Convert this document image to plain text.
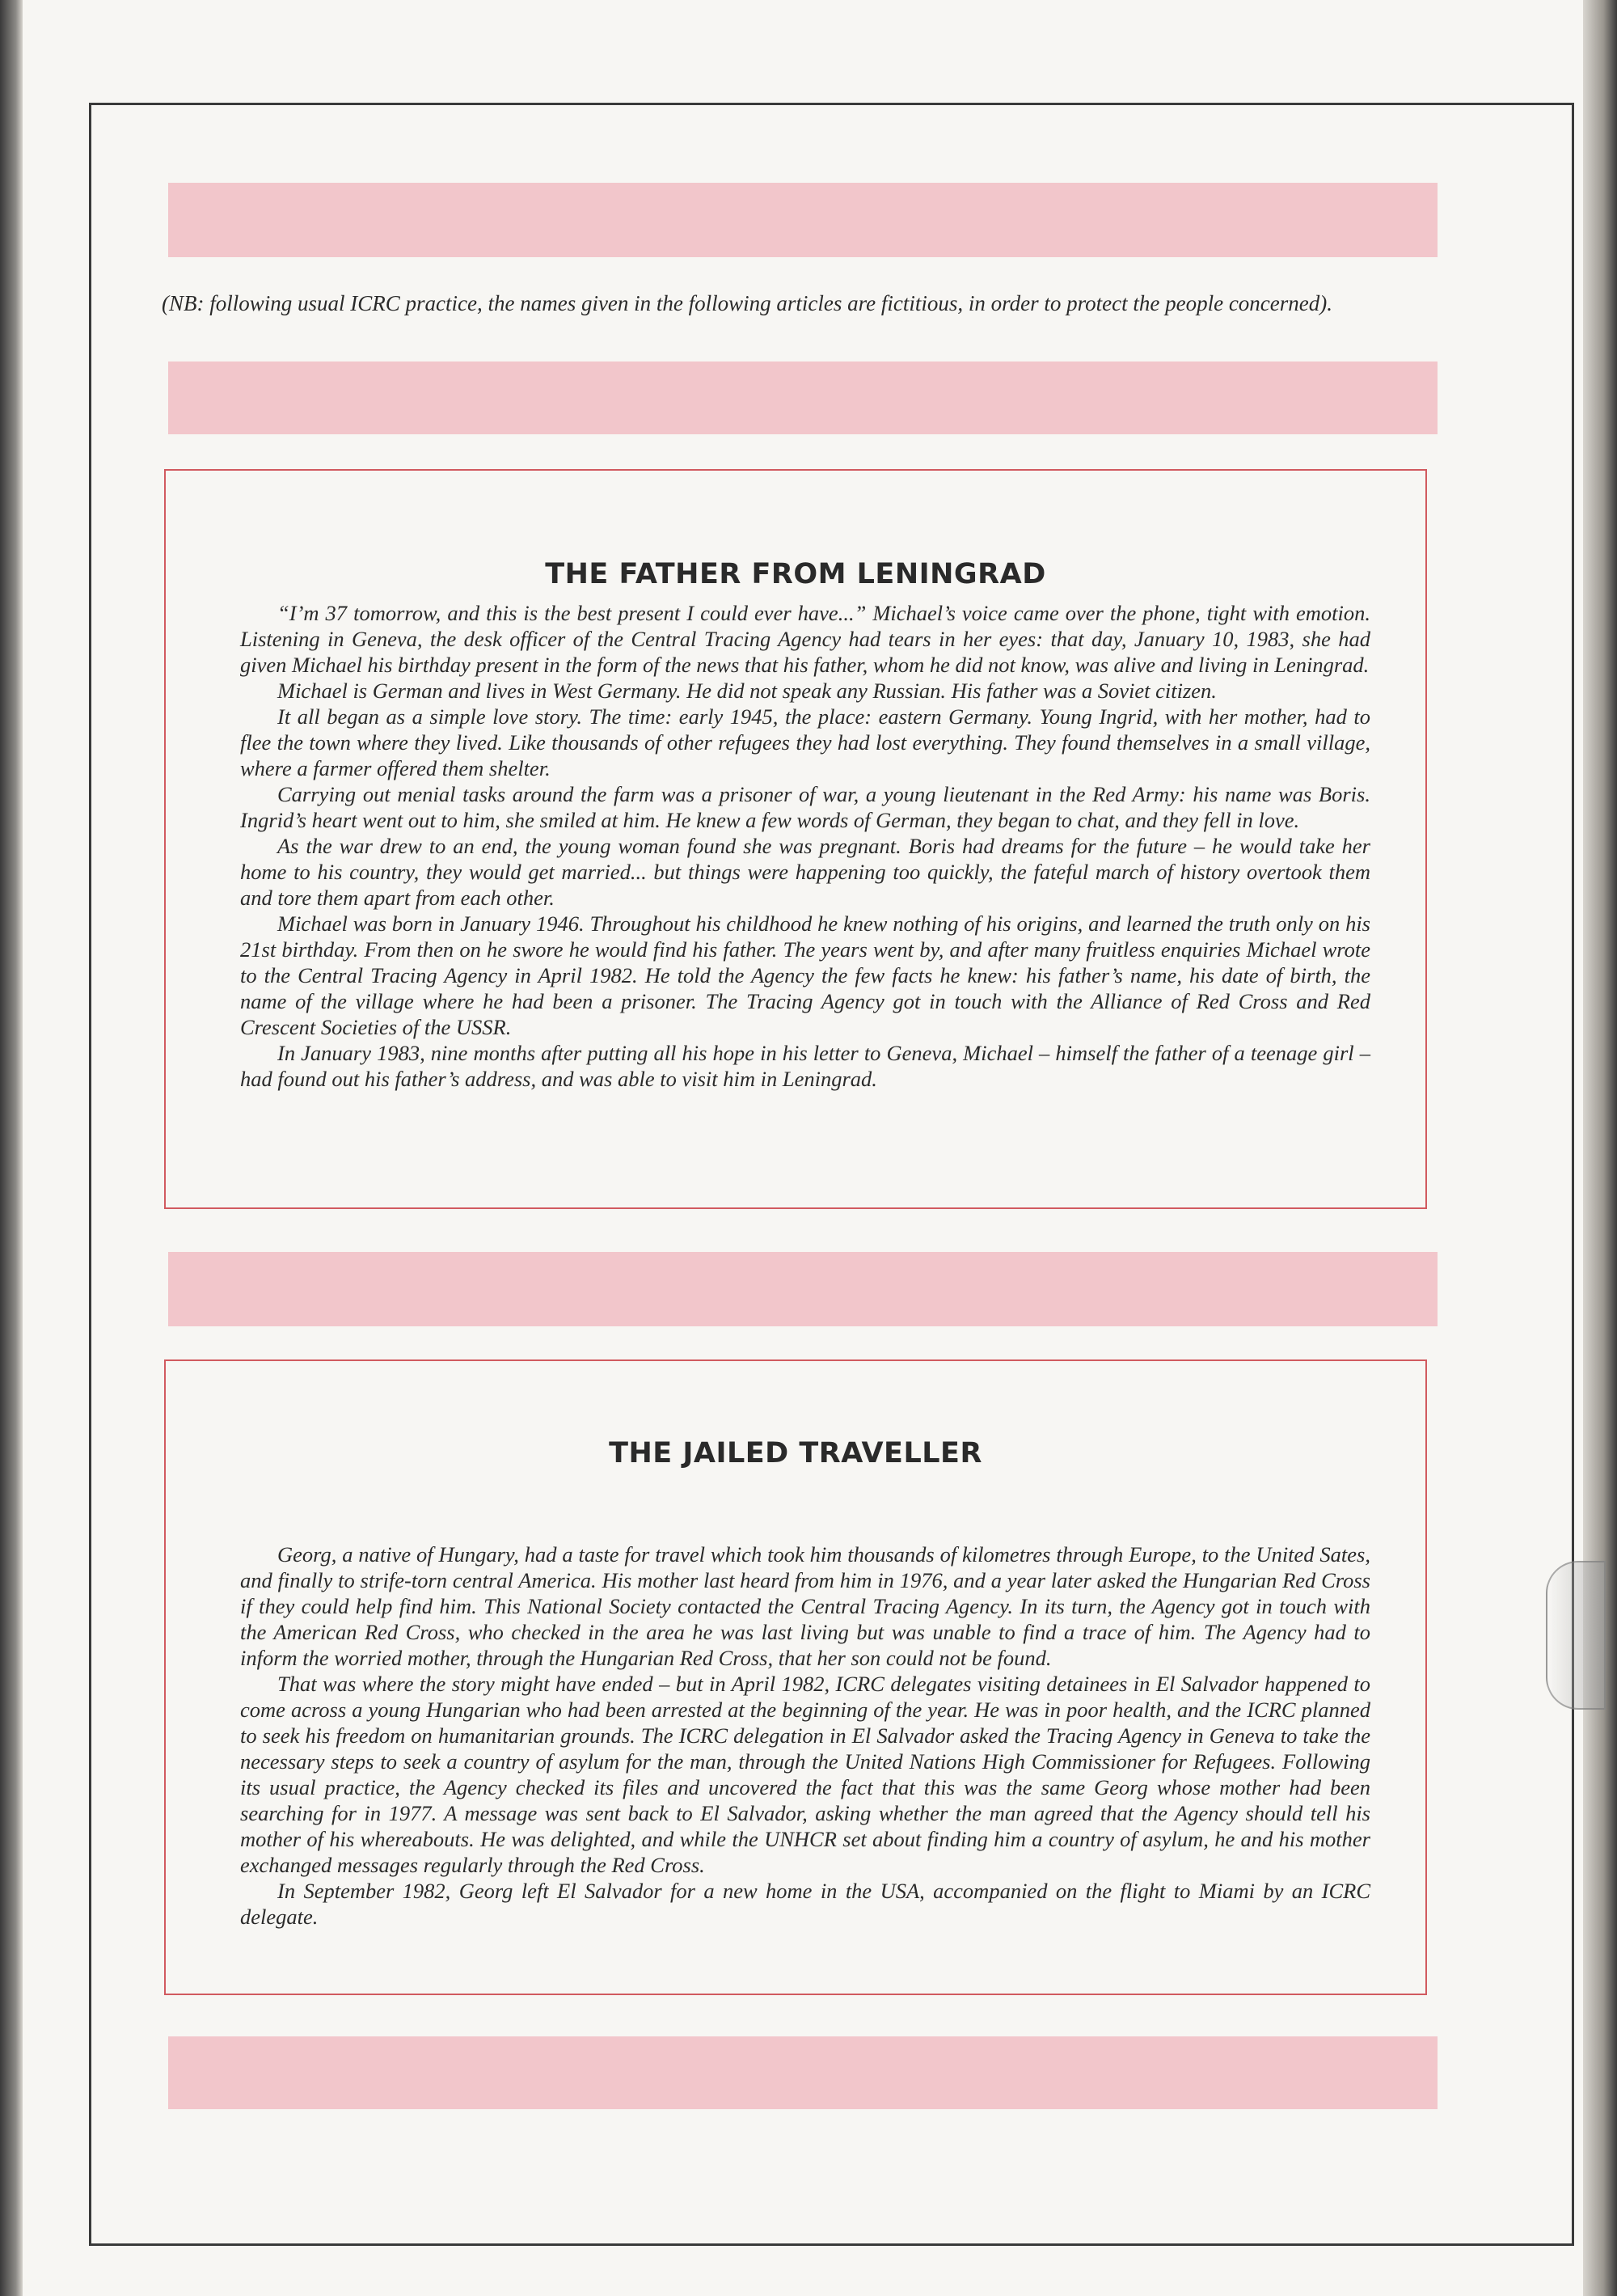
(NB: following usual ICRC practice, the names given in the following articles are fictitious, in order to protect the people concerned).
THE FATHER FROM LENINGRAD

“I’m 37 tomorrow, and this is the best present I could ever have...” Michael’s voice came over the phone, tight with emotion. Listening in Geneva, the desk officer of the Central Tracing Agency had tears in her eyes: that day, January 10, 1983, she had given Michael his birthday present in the form of the news that his father, whom he did not know, was alive and living in Leningrad.

Michael is German and lives in West Germany. He did not speak any Russian. His father was a Soviet citizen.

It all began as a simple love story. The time: early 1945, the place: eastern Germany. Young Ingrid, with her mother, had to flee the town where they lived. Like thousands of other refugees they had lost everything. They found themselves in a small village, where a farmer offered them shelter.

Carrying out menial tasks around the farm was a prisoner of war, a young lieutenant in the Red Army: his name was Boris. Ingrid’s heart went out to him, she smiled at him. He knew a few words of German, they began to chat, and they fell in love.

As the war drew to an end, the young woman found she was pregnant. Boris had dreams for the future – he would take her home to his country, they would get married... but things were happening too quickly, the fateful march of history overtook them and tore them apart from each other.

Michael was born in January 1946. Throughout his childhood he knew nothing of his origins, and learned the truth only on his 21st birthday. From then on he swore he would find his father. The years went by, and after many fruitless enquiries Michael wrote to the Central Tracing Agency in April 1982. He told the Agency the few facts he knew: his father’s name, his date of birth, the name of the village where he had been a prisoner. The Tracing Agency got in touch with the Alliance of Red Cross and Red Crescent Societies of the USSR.

In January 1983, nine months after putting all his hope in his letter to Geneva, Michael – himself the father of a teenage girl – had found out his father’s address, and was able to visit him in Leningrad.

THE JAILED TRAVELLER

Georg, a native of Hungary, had a taste for travel which took him thousands of kilometres through Europe, to the United Sates, and finally to strife-torn central America. His mother last heard from him in 1976, and a year later asked the Hungarian Red Cross if they could help find him. This National Society contacted the Central Tracing Agency. In its turn, the Agency got in touch with the American Red Cross, who checked in the area he was last living but was unable to find a trace of him. The Agency had to inform the worried mother, through the Hungarian Red Cross, that her son could not be found.

That was where the story might have ended – but in April 1982, ICRC delegates visiting detainees in El Salvador happened to come across a young Hungarian who had been arrested at the beginning of the year. He was in poor health, and the ICRC planned to seek his freedom on humanitarian grounds. The ICRC delegation in El Salvador asked the Tracing Agency in Geneva to take the necessary steps to seek a country of asylum for the man, through the United Nations High Commissioner for Refugees. Following its usual practice, the Agency checked its files and uncovered the fact that this was the same Georg whose mother had been searching for in 1977. A message was sent back to El Salvador, asking whether the man agreed that the Agency should tell his mother of his whereabouts. He was delighted, and while the UNHCR set about finding him a country of asylum, he and his mother exchanged messages regularly through the Red Cross.

In September 1982, Georg left El Salvador for a new home in the USA, accompanied on the flight to Miami by an ICRC delegate.
